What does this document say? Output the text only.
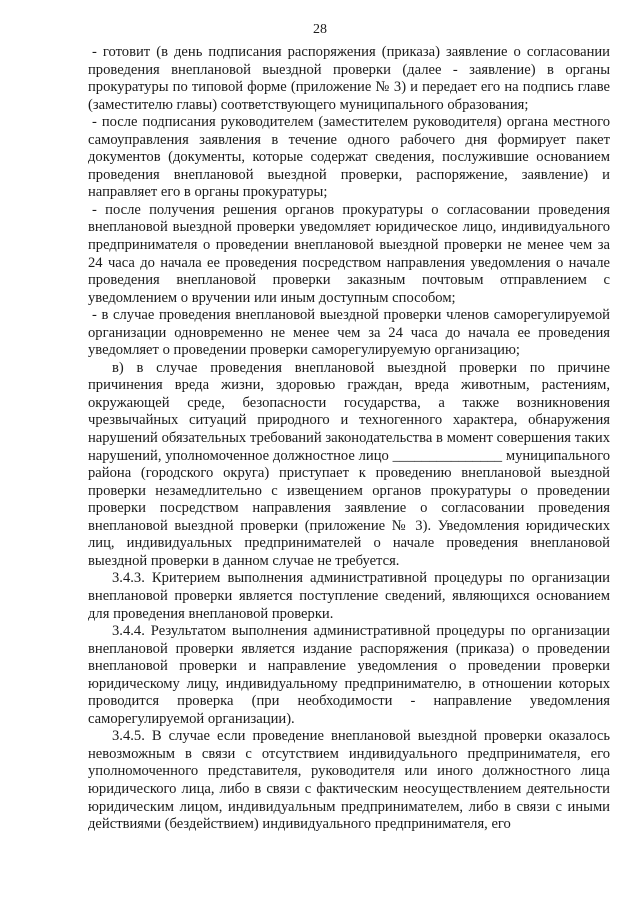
28

- готовит (в день подписания распоряжения (приказа) заявление о согласовании проведения внеплановой выездной проверки (далее - заявление) в органы прокуратуры по типовой форме (приложение № 3) и передает его на подпись главе (заместителю главы) соответствующего муниципального образования;

- после подписания руководителем (заместителем руководителя) органа местного самоуправления заявления в течение одного рабочего дня формирует пакет документов (документы, которые содержат сведения, послужившие основанием проведения внеплановой выездной проверки, распоряжение, заявление) и направляет его в органы прокуратуры;

- после получения решения органов прокуратуры о согласовании проведения внеплановой выездной проверки уведомляет юридическое лицо, индивидуального предпринимателя о проведении внеплановой выездной проверки не менее чем за 24 часа до начала ее проведения посредством направления уведомления о начале проведения внеплановой проверки заказным почтовым отправлением с уведомлением о вручении или иным доступным способом;

- в случае проведения внеплановой выездной проверки членов саморегулируемой организации одновременно не менее чем за 24 часа до начала ее проведения уведомляет о проведении проверки саморегулируемую организацию;

в) в случае проведения внеплановой выездной проверки по причине причинения вреда жизни, здоровью граждан, вреда животным, растениям, окружающей среде, безопасности государства, а также возникновения чрезвычайных ситуаций природного и техногенного характера, обнаружения нарушений обязательных требований законодательства в момент совершения таких нарушений, уполномоченное должностное лицо _______________ муниципального района (городского округа) приступает к проведению внеплановой выездной проверки незамедлительно с извещением органов прокуратуры о проведении проверки посредством направления заявление о согласовании проведения внеплановой выездной проверки (приложение № 3). Уведомления юридических лиц, индивидуальных предпринимателей о начале проведения внеплановой выездной проверки в данном случае не требуется.

3.4.3. Критерием выполнения административной процедуры по организации внеплановой проверки является поступление сведений, являющихся основанием для проведения внеплановой проверки.

3.4.4. Результатом выполнения административной процедуры по организации внеплановой проверки является издание распоряжения (приказа) о проведении внеплановой проверки и направление уведомления о проведении проверки юридическому лицу, индивидуальному предпринимателю, в отношении которых проводится проверка (при необходимости - направление уведомления саморегулируемой организации).

3.4.5. В случае если проведение внеплановой выездной проверки оказалось невозможным в связи с отсутствием индивидуального предпринимателя, его уполномоченного представителя, руководителя или иного должностного лица юридического лица, либо в связи с фактическим неосуществлением деятельности юридическим лицом, индивидуальным предпринимателем, либо в связи с иными действиями (бездействием) индивидуального предпринимателя, его
